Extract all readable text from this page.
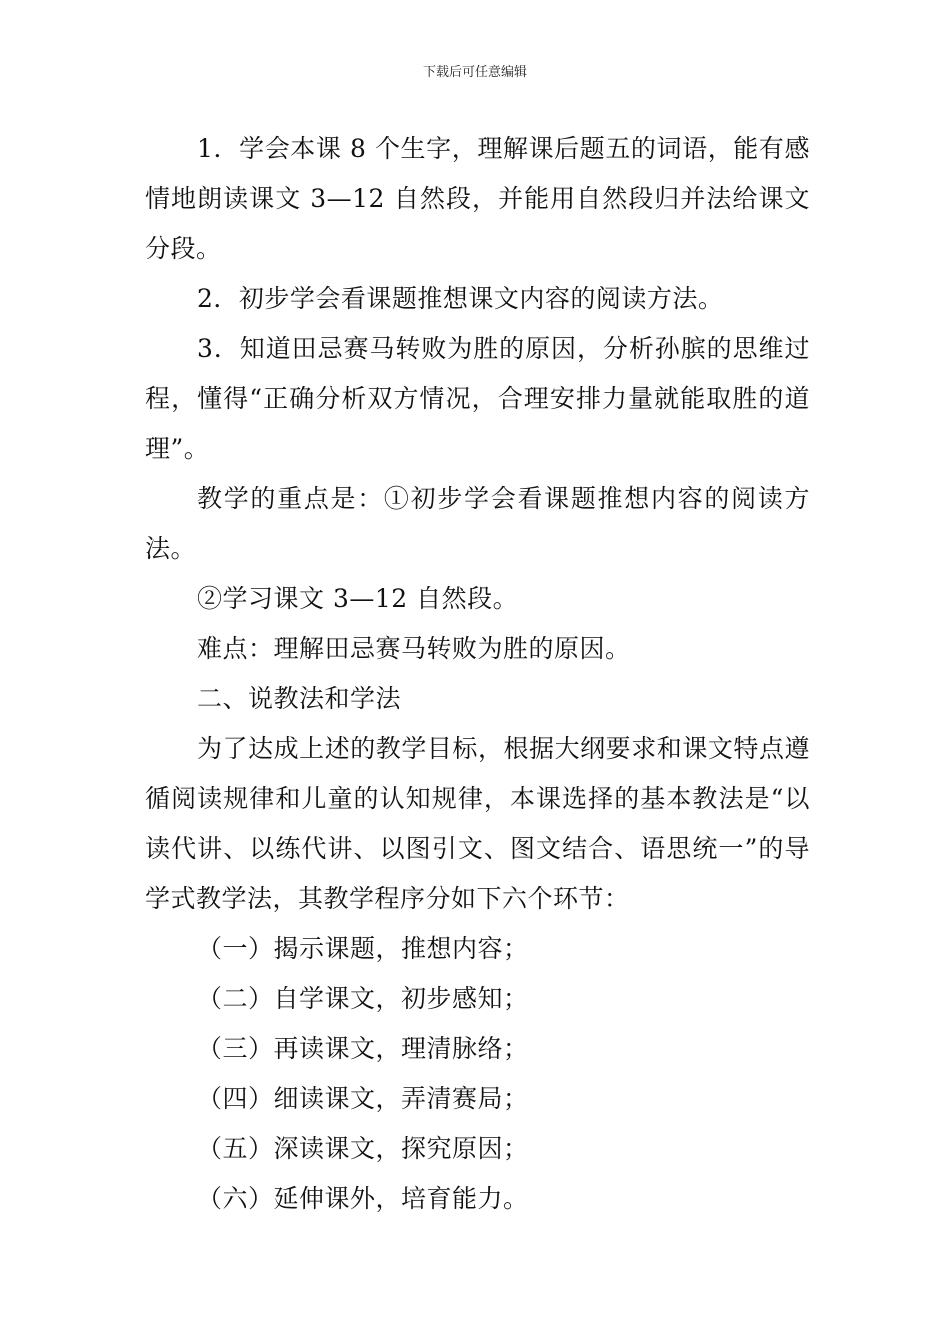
下载后可任意编辑

1．学会本课 8 个生字，理解课后题五的词语，能有感情地朗读课文 3—12 自然段，并能用自然段归并法给课文分段。

2．初步学会看课题推想课文内容的阅读方法。

3．知道田忌赛马转败为胜的原因，分析孙膑的思维过程，懂得“正确分析双方情况，合理安排力量就能取胜的道理”。

教学的重点是：①初步学会看课题推想内容的阅读方法。

②学习课文 3—12 自然段。

难点：理解田忌赛马转败为胜的原因。

二、说教法和学法

为了达成上述的教学目标，根据大纲要求和课文特点遵循阅读规律和儿童的认知规律，本课选择的基本教法是“以读代讲、以练代讲、以图引文、图文结合、语思统一”的导学式教学法，其教学程序分如下六个环节：

（一）揭示课题，推想内容；

（二）自学课文，初步感知；

（三）再读课文，理清脉络；

（四）细读课文，弄清赛局；

（五）深读课文，探究原因；

（六）延伸课外，培育能力。
